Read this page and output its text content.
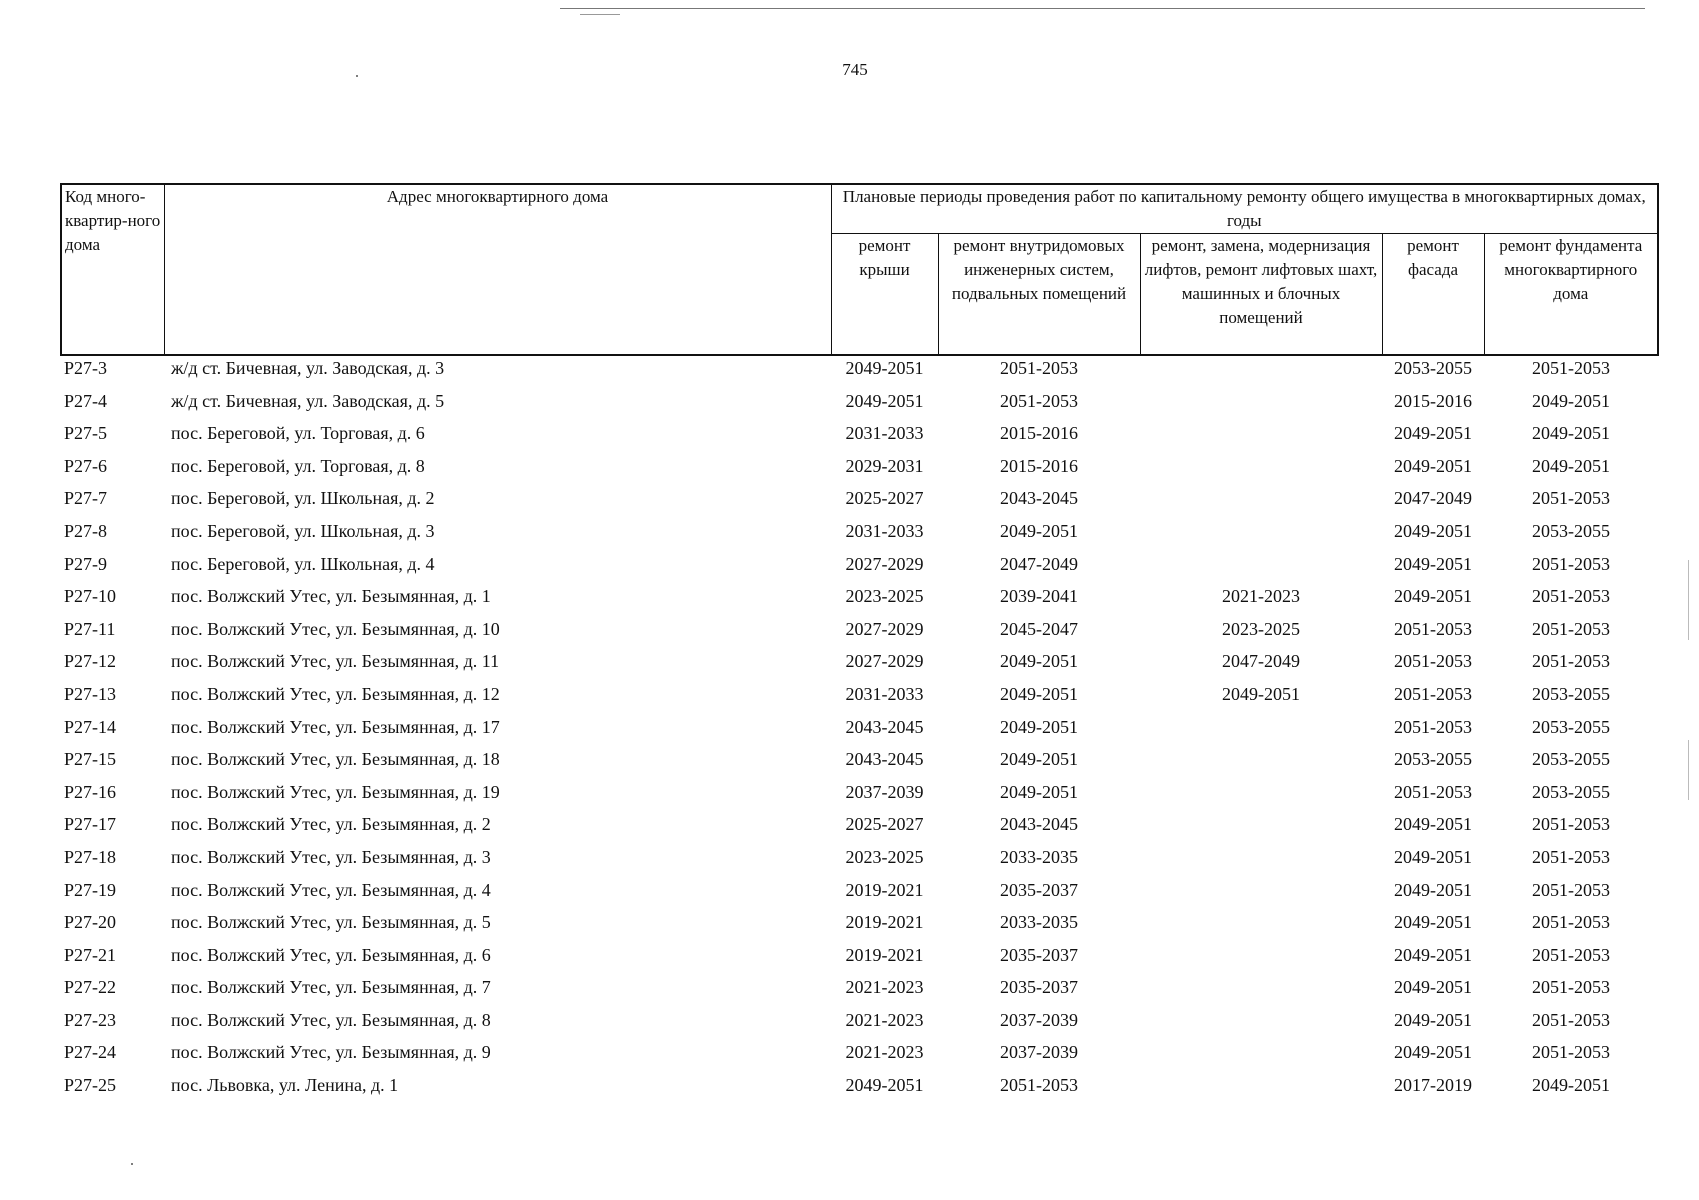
745
Код много-квартир-ного дома	Адрес многоквартирного дома	Плановые периоды проведения работ по капитальному ремонту общего имущества в многоквартирных домах, годы				
		ремонт крыши	ремонт внутридомовых инженерных систем, подвальных помещений	ремонт, замена, модернизация лифтов, ремонт лифтовых шахт, машинных и блочных помещений	ремонт фасада	ремонт фундамента многоквартирного дома
Р27-3	ж/д ст. Бичевная, ул. Заводская, д. 3	2049-2051	2051-2053		2053-2055	2051-2053
Р27-4	ж/д ст. Бичевная, ул. Заводская, д. 5	2049-2051	2051-2053		2015-2016	2049-2051
Р27-5	пос. Береговой, ул. Торговая, д. 6	2031-2033	2015-2016		2049-2051	2049-2051
Р27-6	пос. Береговой, ул. Торговая, д. 8	2029-2031	2015-2016		2049-2051	2049-2051
Р27-7	пос. Береговой, ул. Школьная, д. 2	2025-2027	2043-2045		2047-2049	2051-2053
Р27-8	пос. Береговой, ул. Школьная, д. 3	2031-2033	2049-2051		2049-2051	2053-2055
Р27-9	пос. Береговой, ул. Школьная, д. 4	2027-2029	2047-2049		2049-2051	2051-2053
Р27-10	пос. Волжский Утес, ул. Безымянная, д. 1	2023-2025	2039-2041	2021-2023	2049-2051	2051-2053
Р27-11	пос. Волжский Утес, ул. Безымянная, д. 10	2027-2029	2045-2047	2023-2025	2051-2053	2051-2053
Р27-12	пос. Волжский Утес, ул. Безымянная, д. 11	2027-2029	2049-2051	2047-2049	2051-2053	2051-2053
Р27-13	пос. Волжский Утес, ул. Безымянная, д. 12	2031-2033	2049-2051	2049-2051	2051-2053	2053-2055
Р27-14	пос. Волжский Утес, ул. Безымянная, д. 17	2043-2045	2049-2051		2051-2053	2053-2055
Р27-15	пос. Волжский Утес, ул. Безымянная, д. 18	2043-2045	2049-2051		2053-2055	2053-2055
Р27-16	пос. Волжский Утес, ул. Безымянная, д. 19	2037-2039	2049-2051		2051-2053	2053-2055
Р27-17	пос. Волжский Утес, ул. Безымянная, д. 2	2025-2027	2043-2045		2049-2051	2051-2053
Р27-18	пос. Волжский Утес, ул. Безымянная, д. 3	2023-2025	2033-2035		2049-2051	2051-2053
Р27-19	пос. Волжский Утес, ул. Безымянная, д. 4	2019-2021	2035-2037		2049-2051	2051-2053
Р27-20	пос. Волжский Утес, ул. Безымянная, д. 5	2019-2021	2033-2035		2049-2051	2051-2053
Р27-21	пос. Волжский Утес, ул. Безымянная, д. 6	2019-2021	2035-2037		2049-2051	2051-2053
Р27-22	пос. Волжский Утес, ул. Безымянная, д. 7	2021-2023	2035-2037		2049-2051	2051-2053
Р27-23	пос. Волжский Утес, ул. Безымянная, д. 8	2021-2023	2037-2039		2049-2051	2051-2053
Р27-24	пос. Волжский Утес, ул. Безымянная, д. 9	2021-2023	2037-2039		2049-2051	2051-2053
Р27-25	пос. Львовка, ул. Ленина, д. 1	2049-2051	2051-2053		2017-2019	2049-2051
